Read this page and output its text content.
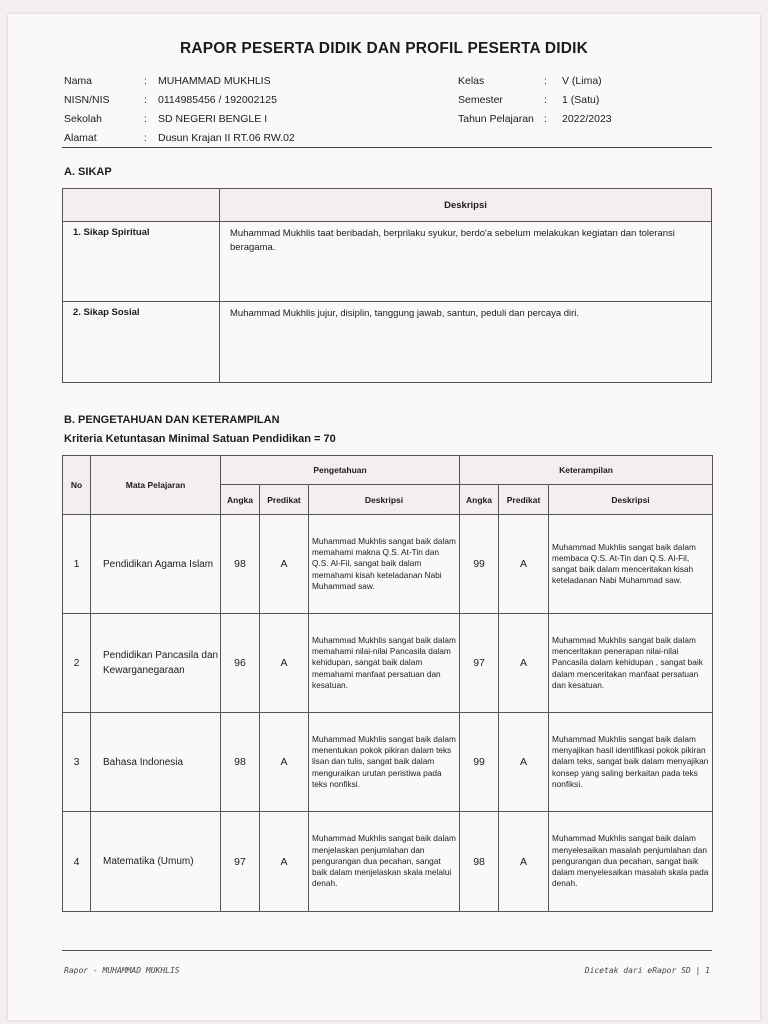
RAPOR PESERTA DIDIK DAN PROFIL PESERTA DIDIK
Nama	:	MUHAMMAD MUKHLIS
NISN/NIS	:	0114985456 / 192002125
Sekolah	:	SD NEGERI BENGLE I
Alamat	:	Dusun Krajan II RT.06 RW.02
Kelas	:	V (Lima)
Semester	:	1 (Satu)
Tahun Pelajaran :	2022/2023
A. SIKAP
	Deskripsi
1. Sikap Spiritual	Muhammad Mukhlis taat beribadah, berprilaku syukur, berdo'a sebelum melakukan kegiatan dan toleransi beragama.
2. Sikap Sosial	Muhammad Mukhlis jujur, disiplin, tanggung jawab, santun, peduli dan percaya diri.
B. PENGETAHUAN DAN KETERAMPILAN
Kriteria Ketuntasan Minimal Satuan Pendidikan = 70
No	Mata Pelajaran	Pengetahuan			Keterampilan		
		Angka	Predikat	Deskripsi	Angka	Predikat	Deskripsi
1	Pendidikan Agama Islam	98	A	Muhammad Mukhlis sangat baik dalam memahami makna Q.S. At-Tin dan Q.S. Al-Fil, sangat baik dalam memahami kisah keteladanan Nabi Muhammad saw.	99	A	Muhammad Mukhlis sangat baik dalam membaca Q.S. At-Tin dan Q.S. Al-Fil, sangat baik dalam menceritakan kisah keteladanan Nabi Muhammad saw.
2	Pendidikan Pancasila dan Kewarganegaraan	96	A	Muhammad Mukhlis sangat baik dalam memahami nilai-nilai Pancasila dalam kehidupan, sangat baik dalam memahami manfaat persatuan dan kesatuan.	97	A	Muhammad Mukhlis sangat baik dalam menceritakan penerapan nilai-nilai Pancasila dalam kehidupan , sangat baik dalam menceritakan manfaat persatuan dan kesatuan.
3	Bahasa Indonesia	98	A	Muhammad Mukhlis sangat baik dalam menentukan pokok pikiran dalam teks lisan dan tulis, sangat baik dalam menguraikan urutan peristiwa pada teks nonfiksi.	99	A	Muhammad Mukhlis sangat baik dalam menyajikan hasil identifikasi pokok pikiran dalam teks, sangat baik dalam menyajikan konsep yang saling berkaitan pada teks nonfiksi.
4	Matematika (Umum)	97	A	Muhammad Mukhlis sangat baik dalam menjelaskan penjumlahan dan pengurangan dua pecahan, sangat baik dalam menjelaskan skala melalui denah.	98	A	Muhammad Mukhlis sangat baik dalam menyelesaikan masalah penjumlahan dan pengurangan dua pecahan, sangat baik dalam menyelesaikan masalah skala pada denah.
Rapor - MUHAMMAD MUKHLIS	Dicetak dari eRapor SD | 1
